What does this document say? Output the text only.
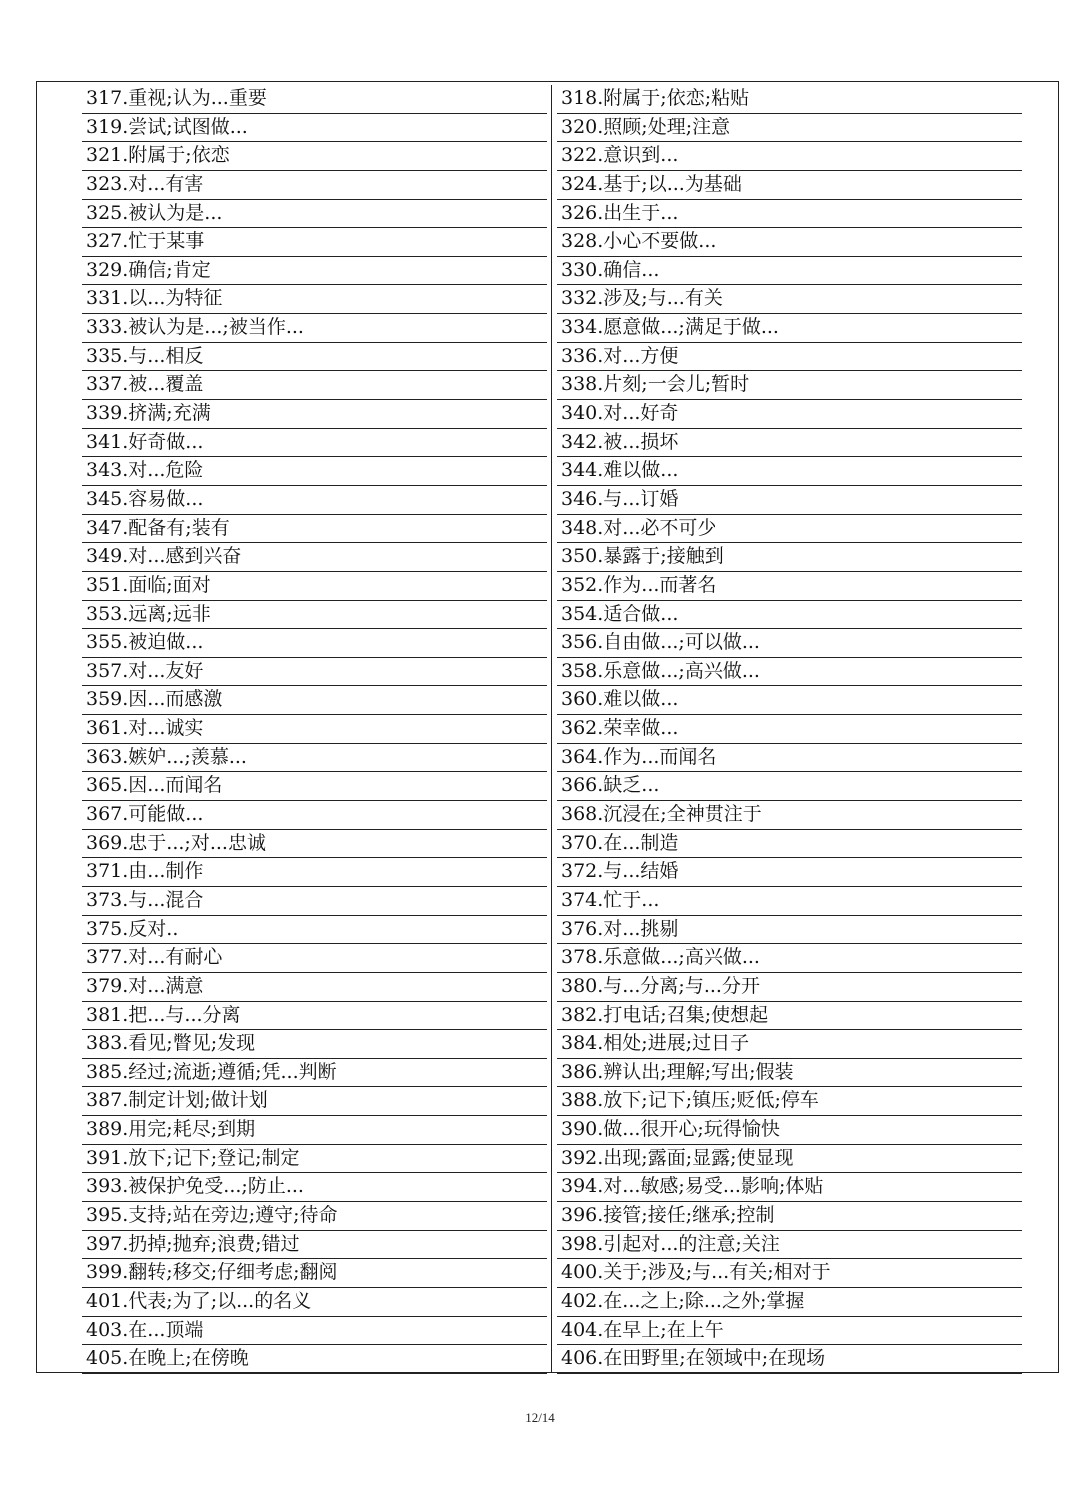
317.重视;认为...重要
319.尝试;试图做...
321.附属于;依恋
323.对...有害
325.被认为是...
327.忙于某事
329.确信;肯定
331.以...为特征
333.被认为是...;被当作...
335.与...相反
337.被...覆盖
339.挤满;充满
341.好奇做...
343.对...危险
345.容易做...
347.配备有;装有
349.对...感到兴奋
351.面临;面对
353.远离;远非
355.被迫做...
357.对...友好
359.因...而感激
361.对...诚实
363.嫉妒...;羡慕...
365.因...而闻名
367.可能做...
369.忠于...;对...忠诚
371.由...制作
373.与...混合
375.反对..
377.对...有耐心
379.对...满意
381.把...与...分离
383.看见;瞥见;发现
385.经过;流逝;遵循;凭...判断
387.制定计划;做计划
389.用完;耗尽;到期
391.放下;记下;登记;制定
393.被保护免受...;防止...
395.支持;站在旁边;遵守;待命
397.扔掉;抛弃;浪费;错过
399.翻转;移交;仔细考虑;翻阅
401.代表;为了;以...的名义
403.在...顶端
405.在晚上;在傍晚
318.附属于;依恋;粘贴
320.照顾;处理;注意
322.意识到...
324.基于;以...为基础
326.出生于...
328.小心不要做...
330.确信...
332.涉及;与...有关
334.愿意做...;满足于做...
336.对...方便
338.片刻;一会儿;暂时
340.对...好奇
342.被...损坏
344.难以做...
346.与...订婚
348.对...必不可少
350.暴露于;接触到
352.作为...而著名
354.适合做...
356.自由做...;可以做...
358.乐意做...;高兴做...
360.难以做...
362.荣幸做...
364.作为...而闻名
366.缺乏...
368.沉浸在;全神贯注于
370.在...制造
372.与...结婚
374.忙于...
376.对...挑剔
378.乐意做...;高兴做...
380.与...分离;与...分开
382.打电话;召集;使想起
384.相处;进展;过日子
386.辨认出;理解;写出;假装
388.放下;记下;镇压;贬低;停车
390.做...很开心;玩得愉快
392.出现;露面;显露;使显现
394.对...敏感;易受...影响;体贴
396.接管;接任;继承;控制
398.引起对...的注意;关注
400.关于;涉及;与...有关;相对于
402.在...之上;除...之外;掌握
404.在早上;在上午
406.在田野里;在领域中;在现场
12/14
